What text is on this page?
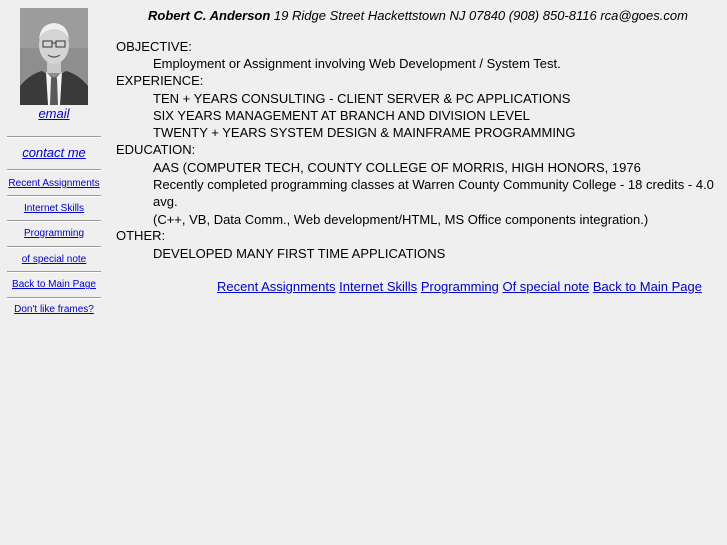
email
contact me
Recent Assignments
Internet Skills
Programming
of special note
Back to Main Page
Don't like frames?
Robert C. Anderson 19 Ridge Street Hackettstown NJ 07840 (908) 850-8116 rca@goes.com
OBJECTIVE:
Employment or Assignment involving Web Development / System Test.
EXPERIENCE:
TEN + YEARS CONSULTING - CLIENT SERVER & PC APPLICATIONS
SIX YEARS MANAGEMENT AT BRANCH AND DIVISION LEVEL
TWENTY + YEARS SYSTEM DESIGN & MAINFRAME PROGRAMMING
EDUCATION:
AAS (COMPUTER TECH, COUNTY COLLEGE OF MORRIS, HIGH HONORS, 1976
Recently completed programming classes at Warren County Community College - 18 credits - 4.0
avg.
(C++, VB, Data Comm., Web development/HTML, MS Office components integration.)
OTHER:
DEVELOPED MANY FIRST TIME APPLICATIONS
Recent Assignments Internet Skills Programming Of special note Back to Main Page
